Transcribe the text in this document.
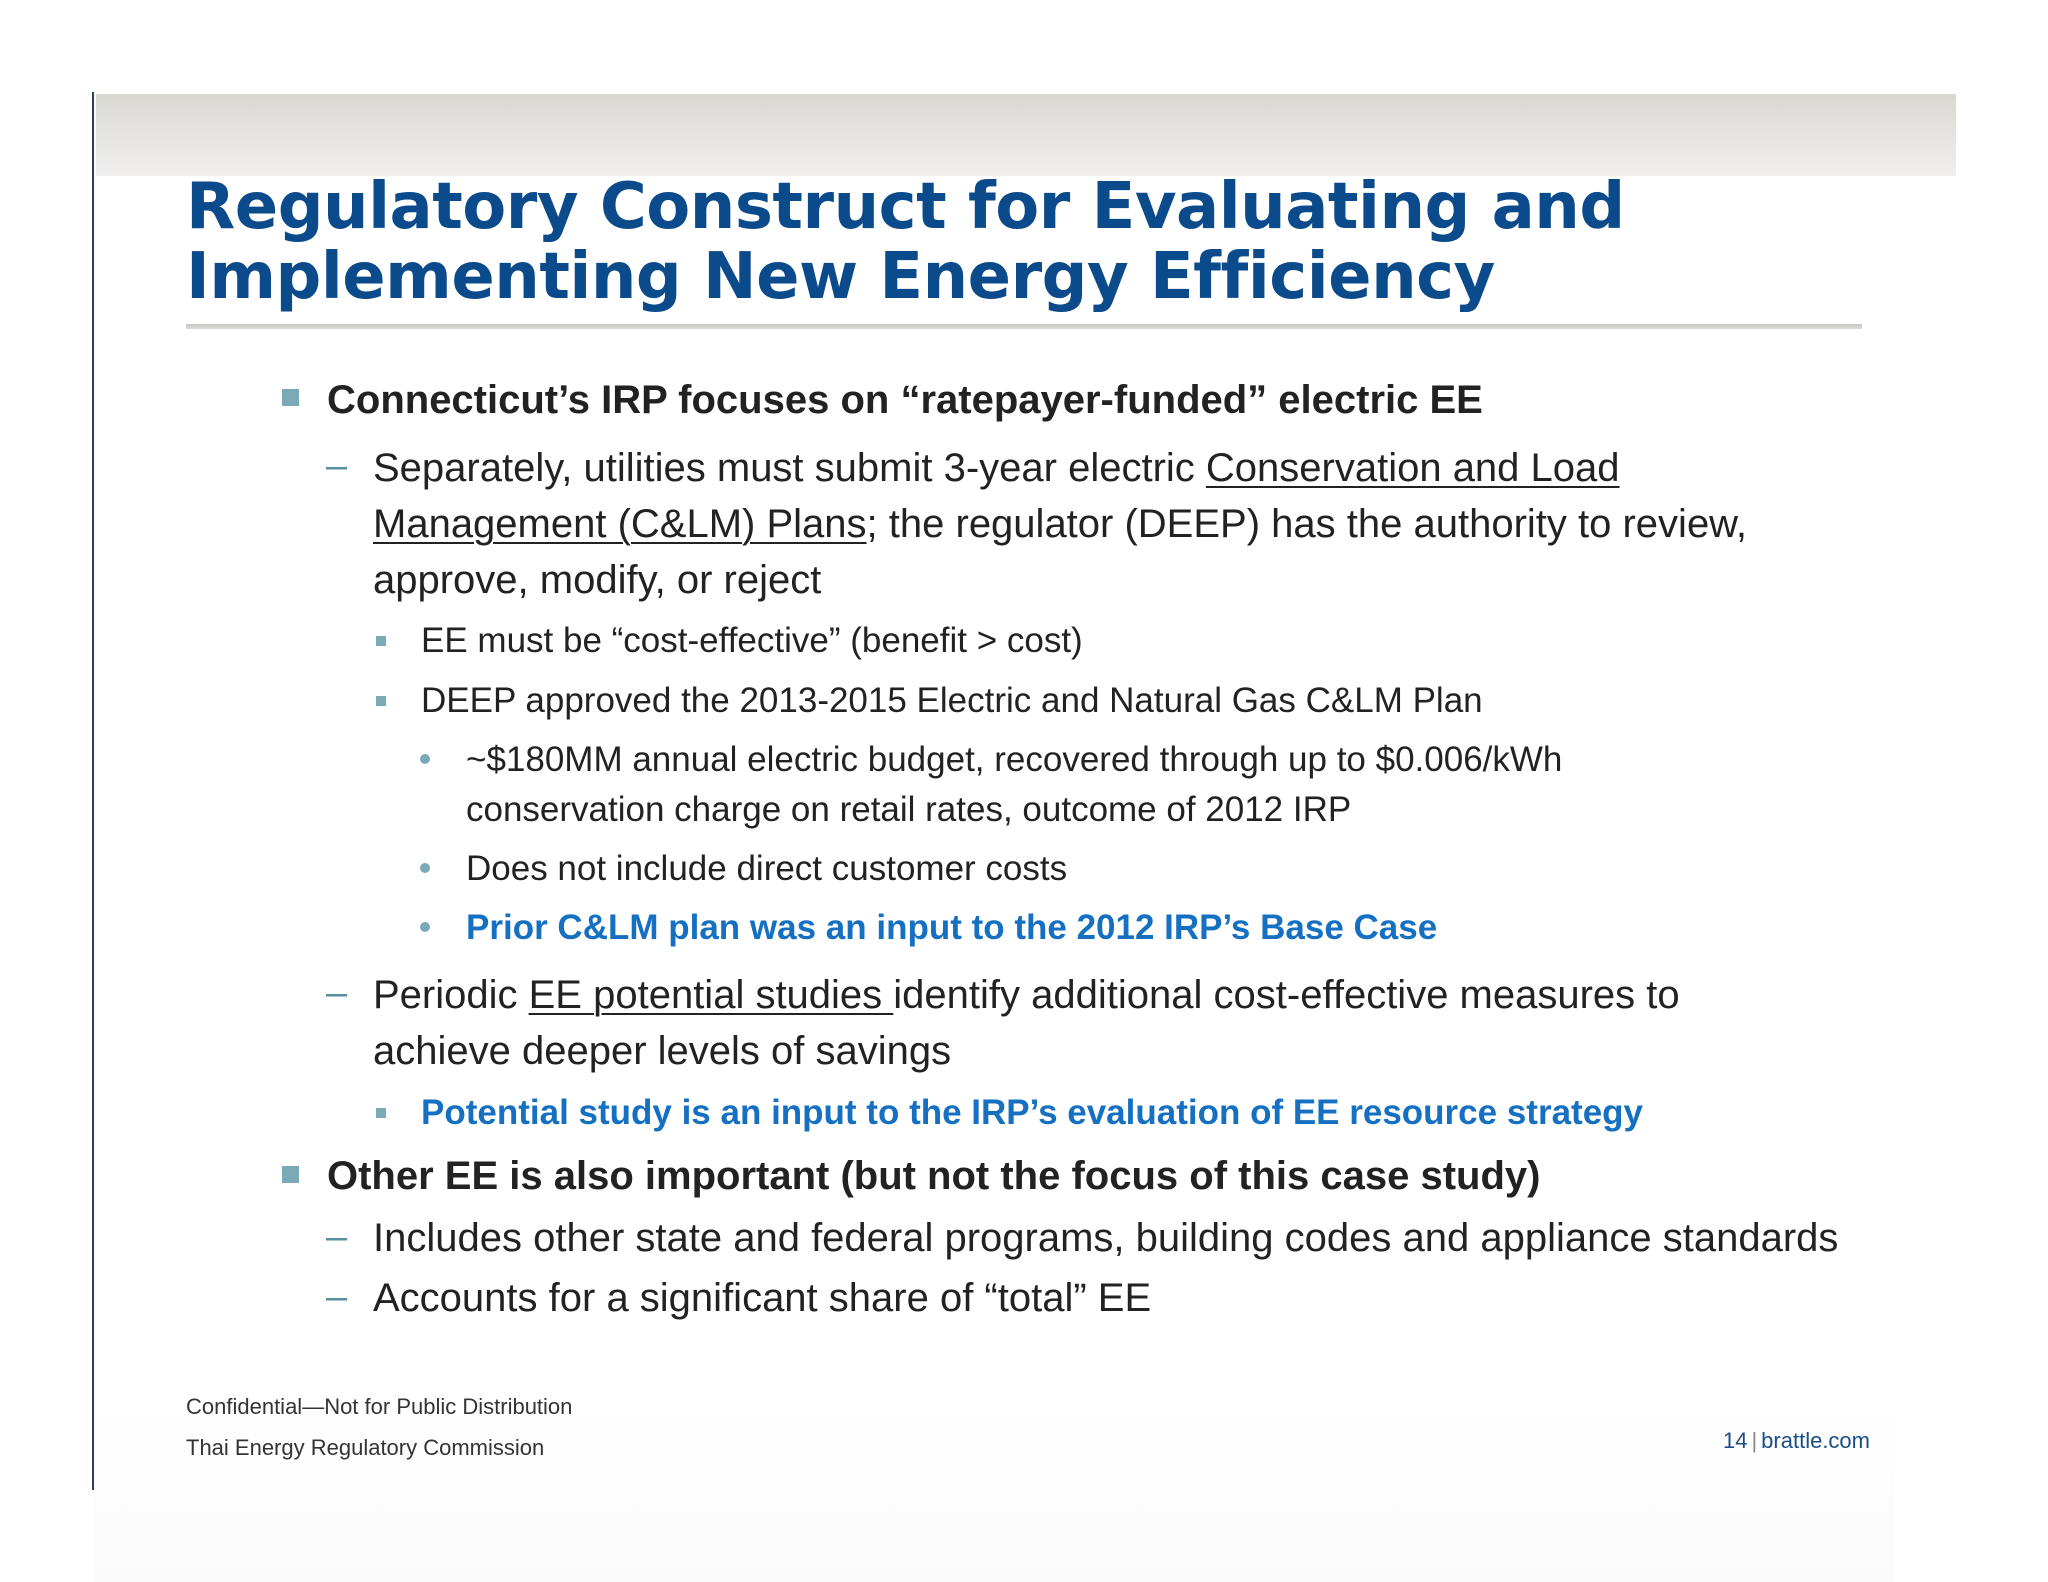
Regulatory Construct for Evaluating and
Implementing New Energy Efficiency

Connecticut’s IRP focuses on “ratepayer-funded” electric EE

– Separately, utilities must submit 3-year electric Conservation and Load

Management (C&LM) Plans; the regulator (DEEP) has the authority to review,

approve, modify, or reject

EE must be “cost-effective” (benefit > cost)

DEEP approved the 2013-2015 Electric and Natural Gas C&LM Plan

~$180MM annual electric budget, recovered through up to $0.006/kWh

conservation charge on retail rates, outcome of 2012 IRP

Does not include direct customer costs

Prior C&LM plan was an input to the 2012 IRP’s Base Case

– Periodic EE potential studies identify additional cost-effective measures to

achieve deeper levels of savings

Potential study is an input to the IRP’s evaluation of EE resource strategy

Other EE is also important (but not the focus of this case study)

– Includes other state and federal programs, building codes and appliance standards

– Accounts for a significant share of “total” EE

Confidential—Not for Public Distribution
Thai Energy Regulatory Commission	14 | brattle.com
